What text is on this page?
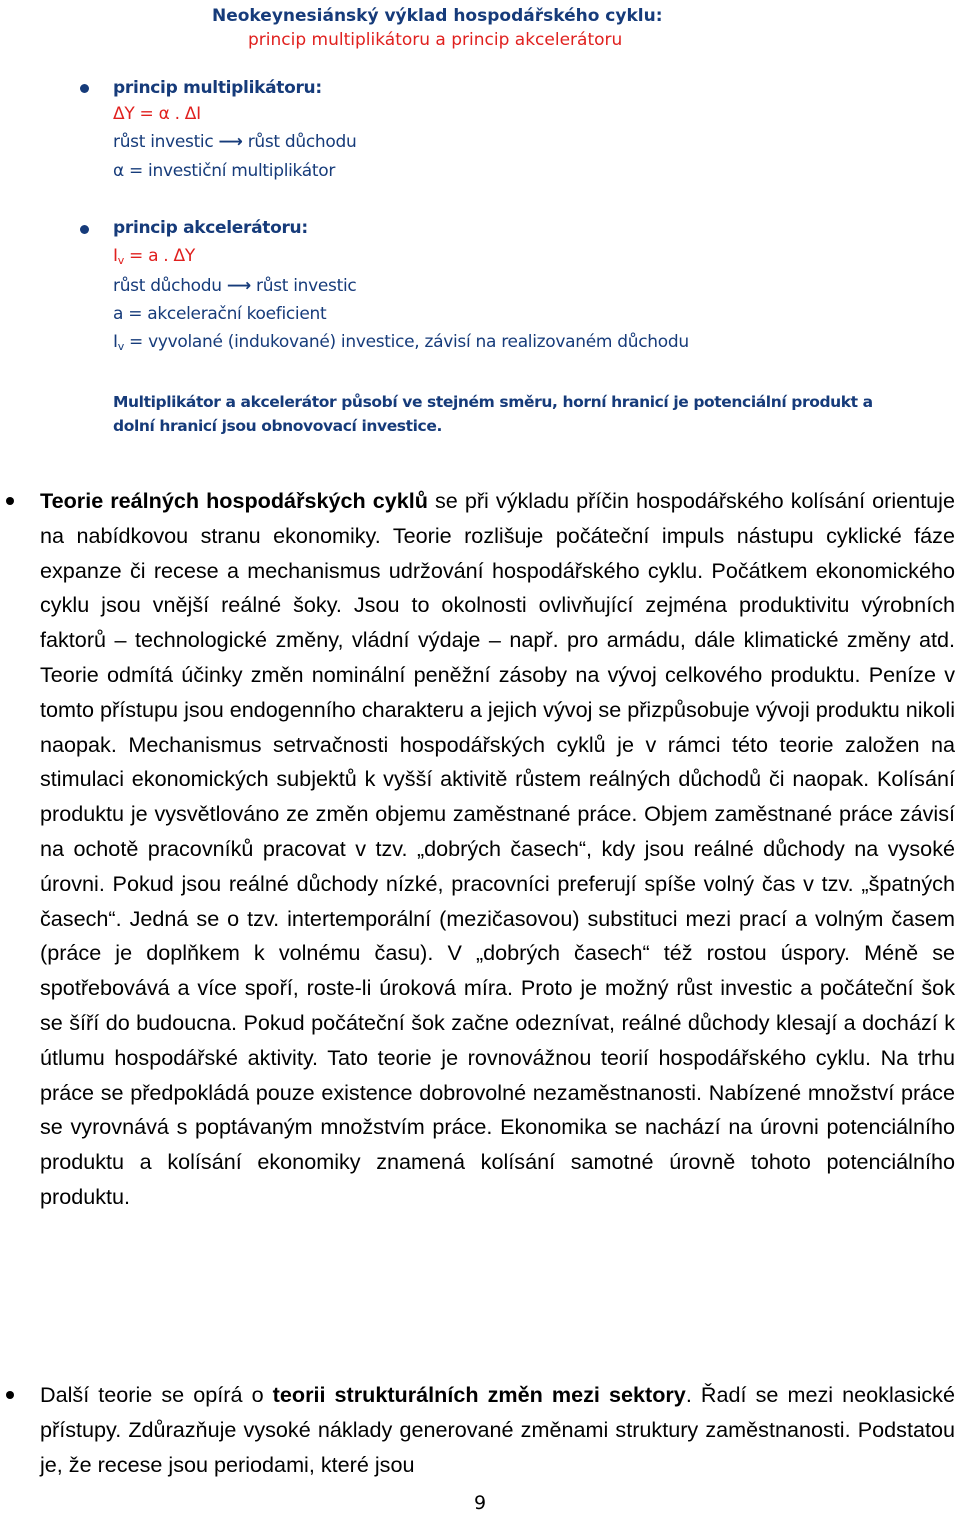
Neokeynesiánský výklad hospodářského cyklu:
princip multiplikátoru a princip akcelerátoru
princip multiplikátoru:
ΔY = α . ΔI
růst investic ⟶ růst důchodu
α = investiční multiplikátor
princip akcelerátoru:
$I_v = a$ . ΔY
růst důchodu ⟶ růst investic
a = akcelerační koeficient
$I_v$ = vyvolané (indukované) investice, závisí na realizovaném důchodu
Multiplikátor a akcelerátor působí ve stejném směru, horní hranicí je potenciální produkt a dolní hranicí jsou obnovovací investice.
Teorie reálných hospodářských cyklů se při výkladu příčin hospodářského kolísání orientuje na nabídkovou stranu ekonomiky. Teorie rozlišuje počáteční impuls nástupu cyklické fáze expanze či recese a mechanismus udržování hospodářského cyklu. Počátkem ekonomického cyklu jsou vnější reálné šoky. Jsou to okolnosti ovlivňující zejména produktivitu výrobních faktorů – technologické změny, vládní výdaje – např. pro armádu, dále klimatické změny atd. Teorie odmítá účinky změn nominální peněžní zásoby na vývoj celkového produktu. Peníze v tomto přístupu jsou endogenního charakteru a jejich vývoj se přizpůsobuje vývoji produktu nikoli naopak. Mechanismus setrvačnosti hospodářských cyklů je v rámci této teorie založen na stimulaci ekonomických subjektů k vyšší aktivitě růstem reálných důchodů či naopak. Kolísání produktu je vysvětlováno ze změn objemu zaměstnané práce. Objem zaměstnané práce závisí na ochotě pracovníků pracovat v tzv. „dobrých časech“, kdy jsou reálné důchody na vysoké úrovni. Pokud jsou reálné důchody nízké, pracovníci preferují spíše volný čas v tzv. „špatných časech“. Jedná se o tzv. intertemporální (mezičasovou) substituci mezi prací a volným časem (práce je doplňkem k volnému času). V „dobrých časech“ též rostou úspory. Méně se spotřebovává a více spoří, roste-li úroková míra. Proto je možný růst investic a počáteční šok se šíří do budoucna. Pokud počáteční šok začne odeznívat, reálné důchody klesají a dochází k útlumu hospodářské aktivity. Tato teorie je rovnovážnou teorií hospodářského cyklu. Na trhu práce se předpokládá pouze existence dobrovolné nezaměstnanosti. Nabízené množství práce se vyrovnává s poptávaným množstvím práce. Ekonomika se nachází na úrovni potenciálního produktu a kolísání ekonomiky znamená kolísání samotné úrovně tohoto potenciálního produktu.
Další teorie se opírá o teorii strukturálních změn mezi sektory. Řadí se mezi neoklasické přístupy. Zdůrazňuje vysoké náklady generované změnami struktury zaměstnanosti. Podstatou je, že recese jsou periodami, které jsou
9
